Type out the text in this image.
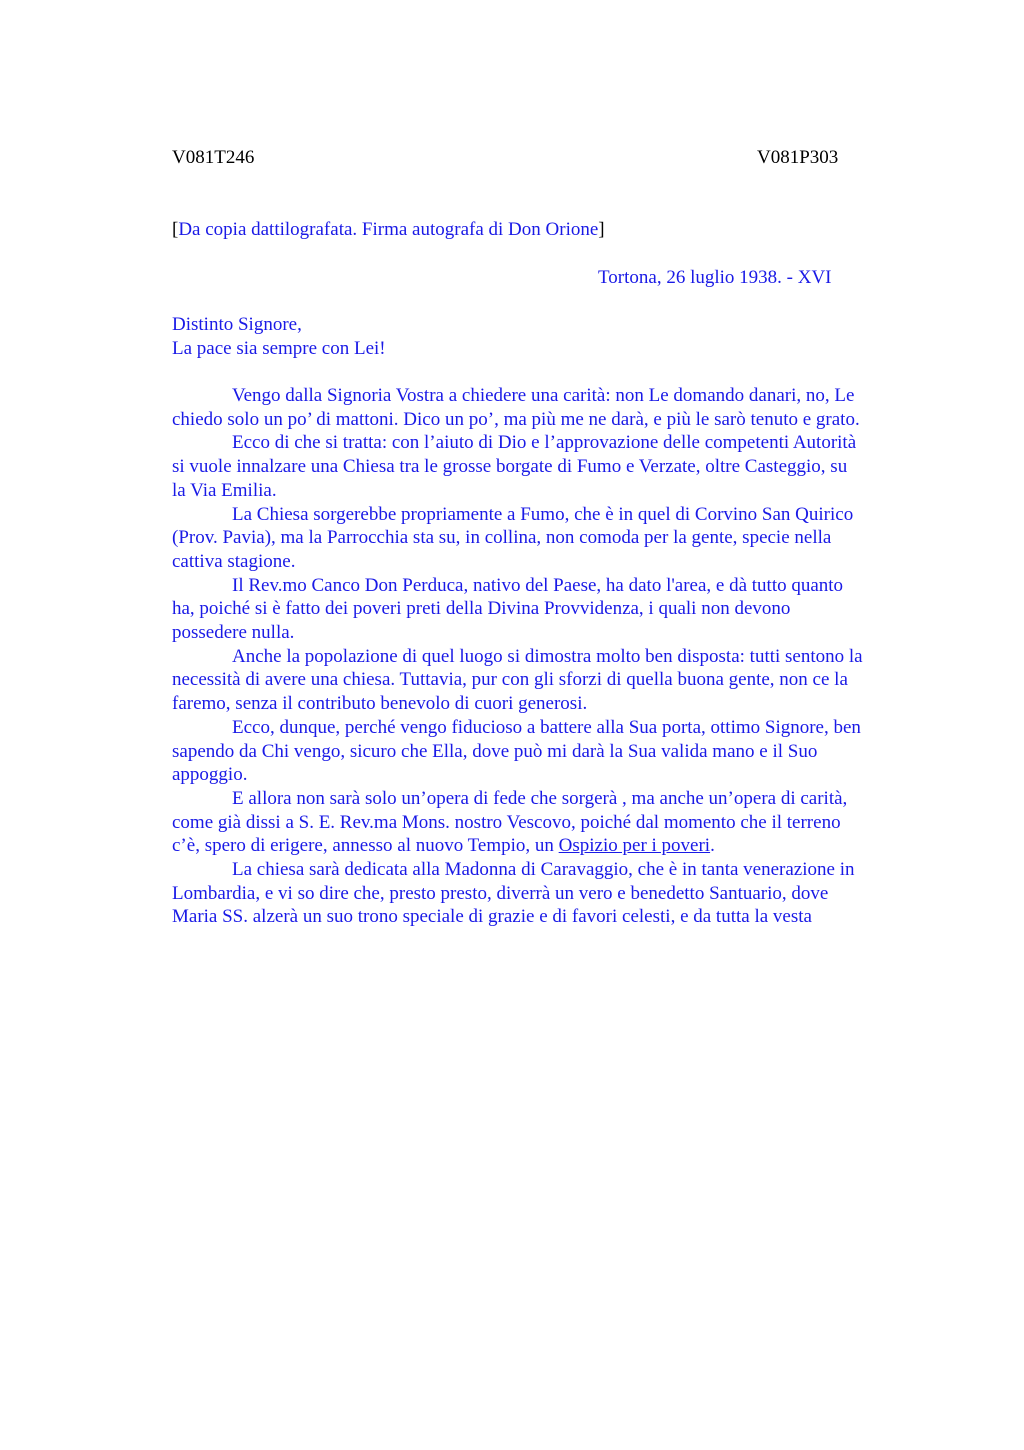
V081T246	V081P303
[Da copia dattilografata. Firma autografa di Don Orione]
Tortona, 26 luglio 1938. - XVI
Distinto Signore,
La pace sia sempre con Lei!

Vengo dalla Signoria Vostra a chiedere una carità: non Le domando danari, no, Le
chiedo solo un po’ di mattoni. Dico un po’, ma più me ne darà, e più le sarò tenuto e grato.

Ecco di che si tratta: con l’aiuto di Dio e l’approvazione delle competenti Autorità
si vuole innalzare una Chiesa tra le grosse borgate di Fumo e Verzate, oltre Casteggio, su
la Via Emilia.

La Chiesa sorgerebbe propriamente a Fumo, che è in quel di Corvino San Quirico
(Prov. Pavia), ma la Parrocchia sta su, in collina, non comoda per la gente, specie nella
cattiva stagione.

Il Rev.mo Canco Don Perduca, nativo del Paese, ha dato l'area, e dà tutto quanto
ha, poiché si è fatto dei poveri preti della Divina Provvidenza, i quali non devono
possedere nulla.

Anche la popolazione di quel luogo si dimostra molto ben disposta: tutti sentono la
necessità di avere una chiesa. Tuttavia, pur con gli sforzi di quella buona gente, non ce la
faremo, senza il contributo benevolo di cuori generosi.

Ecco, dunque, perché vengo fiducioso a battere alla Sua porta, ottimo Signore, ben
sapendo da Chi vengo, sicuro che Ella, dove può mi darà la Sua valida mano e il Suo
appoggio.

E allora non sarà solo un’opera di fede che sorgerà , ma anche un’opera di carità,
come già dissi a S. E. Rev.ma Mons. nostro Vescovo, poiché dal momento che il terreno
c’è, spero di erigere, annesso al nuovo Tempio, un Ospizio per i poveri.

La chiesa sarà dedicata alla Madonna di Caravaggio, che è in tanta venerazione in
Lombardia, e vi so dire che, presto presto, diverrà un vero e benedetto Santuario, dove
Maria SS. alzerà un suo trono speciale di grazie e di favori celesti, e da tutta la vesta
